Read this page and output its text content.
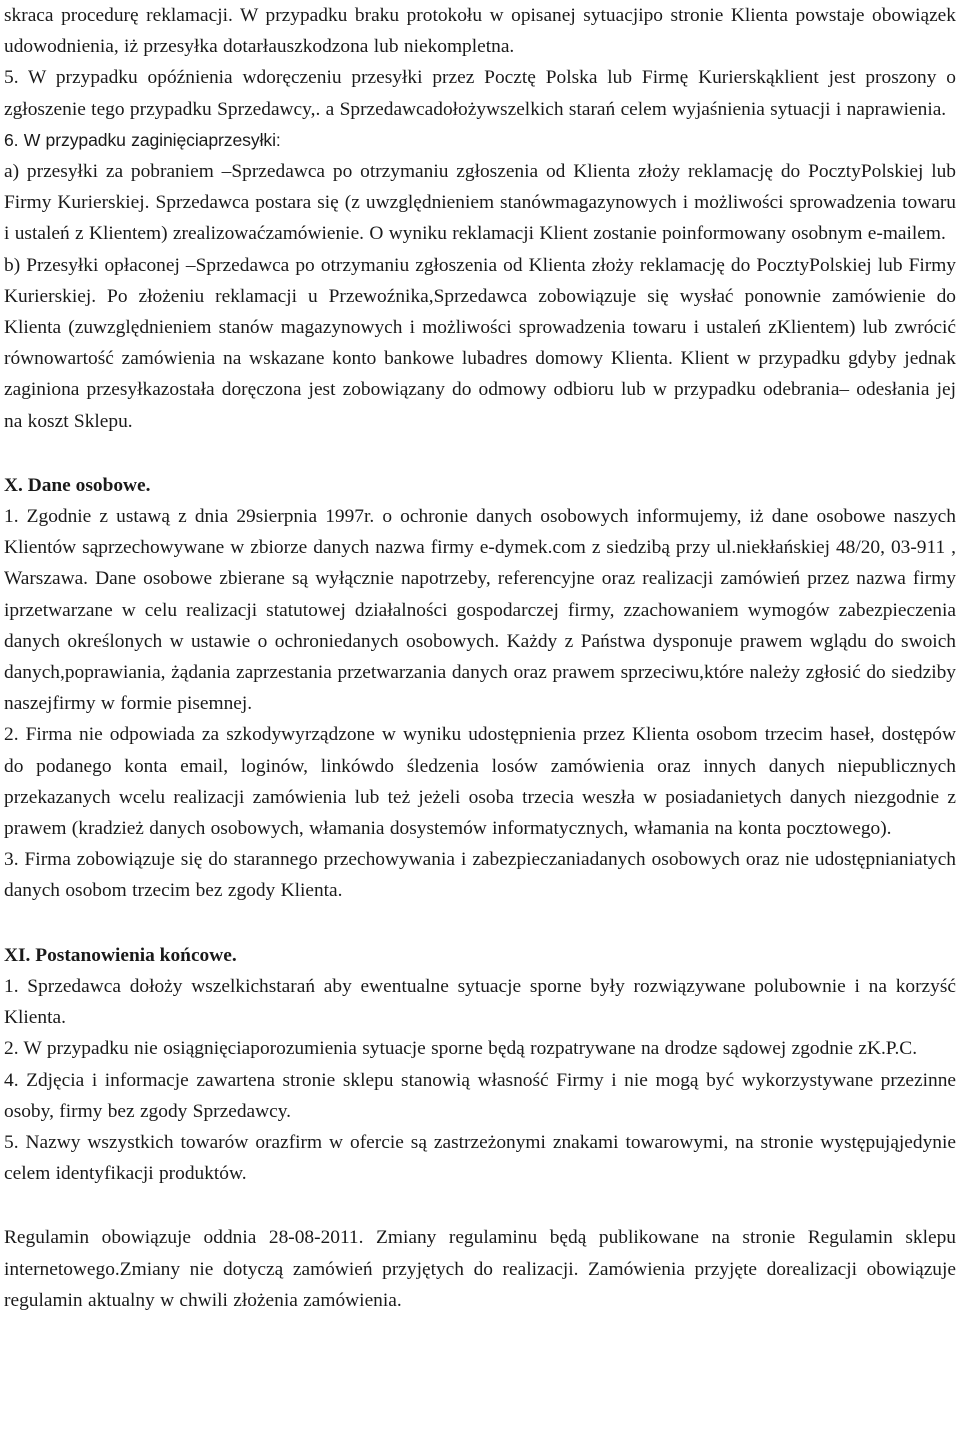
skraca procedurę reklamacji. W przypadku braku protokołu w opisanej sytuacjipo stronie Klienta powstaje obowiązek udowodnienia, iż przesyłka dotarłauszkodzona lub niekompletna.

5. W przypadku opóźnienia wdoręczeniu przesyłki przez Pocztę Polska lub Firmę Kurierskąklient jest proszony o zgłoszenie tego przypadku Sprzedawcy,. a Sprzedawcadołożywszelkich starań celem wyjaśnienia sytuacji i naprawienia.

6. W przypadku zaginięciaprzesyłki:

a) przesyłki za pobraniem –Sprzedawca po otrzymaniu zgłoszenia od Klienta złoży reklamację do PocztyPolskiej lub Firmy Kurierskiej. Sprzedawca postara się (z uwzględnieniem stanówmagazynowych i możliwości sprowadzenia towaru i ustaleń z Klientem) zrealizowaćzamówienie. O wyniku reklamacji Klient zostanie poinformowany osobnym e-mailem.

b) Przesyłki opłaconej –Sprzedawca po otrzymaniu zgłoszenia od Klienta złoży reklamację do PocztyPolskiej lub Firmy Kurierskiej. Po złożeniu reklamacji u Przewoźnika,Sprzedawca zobowiązuje się wysłać ponownie zamówienie do Klienta (zuwzględnieniem stanów magazynowych i możliwości sprowadzenia towaru i ustaleń zKlientem) lub zwrócić równowartość zamówienia na wskazane konto bankowe lubadres domowy Klienta. Klient w przypadku gdyby jednak zaginiona przesyłkazostała doręczona jest zobowiązany do odmowy odbioru lub w przypadku odebrania– odesłania jej na koszt Sklepu.

X. Dane osobowe.

1. Zgodnie z ustawą z dnia 29sierpnia 1997r. o ochronie danych osobowych informujemy, iż dane osobowe naszych Klientów sąprzechowywane w zbiorze danych nazwa firmy e-dymek.com z siedzibą przy ul.niekłańskiej 48/20, 03-911 , Warszawa. Dane osobowe zbierane są wyłącznie napotrzeby, referencyjne oraz realizacji zamówień przez nazwa firmy iprzetwarzane w celu realizacji statutowej działalności gospodarczej firmy, zzachowaniem wymogów zabezpieczenia danych określonych w ustawie o ochroniedanych osobowych. Każdy z Państwa dysponuje prawem wglądu do swoich danych,poprawiania, żądania zaprzestania przetwarzania danych oraz prawem sprzeciwu,które należy zgłosić do siedziby naszejfirmy w formie pisemnej.

2. Firma nie odpowiada za szkodywyrządzone w wyniku udostępnienia przez Klienta osobom trzecim haseł, dostępów do podanego konta email, loginów, linkówdo śledzenia losów zamówienia oraz innych danych niepublicznych przekazanych wcelu realizacji zamówienia lub też jeżeli osoba trzecia weszła w posiadanietych danych niezgodnie z prawem (kradzież danych osobowych, włamania dosystemów informatycznych, włamania na konta pocztowego).

3. Firma zobowiązuje się do starannego przechowywania i zabezpieczaniadanych osobowych oraz nie udostępnianiatych danych osobom trzecim bez zgody Klienta.

XI. Postanowienia końcowe.

1. Sprzedawca dołoży wszelkichstarań aby ewentualne sytuacje sporne były rozwiązywane polubownie i na korzyść Klienta.

2. W przypadku nie osiągnięciaporozumienia sytuacje sporne będą rozpatrywane na drodze sądowej zgodnie zK.P.C.

4. Zdjęcia i informacje zawartena stronie sklepu stanowią własność Firmy i nie mogą być wykorzystywane przezinne osoby, firmy bez zgody Sprzedawcy.

5. Nazwy wszystkich towarów orazfirm w ofercie są zastrzeżonymi znakami towarowymi, na stronie występująjedynie celem identyfikacji produktów.

Regulamin obowiązuje oddnia 28-08-2011. Zmiany regulaminu będą publikowane na stronie Regulamin sklepu internetowego.Zmiany nie dotyczą zamówień przyjętych do realizacji. Zamówienia przyjęte dorealizacji obowiązuje regulamin aktualny w chwili złożenia zamówienia.
